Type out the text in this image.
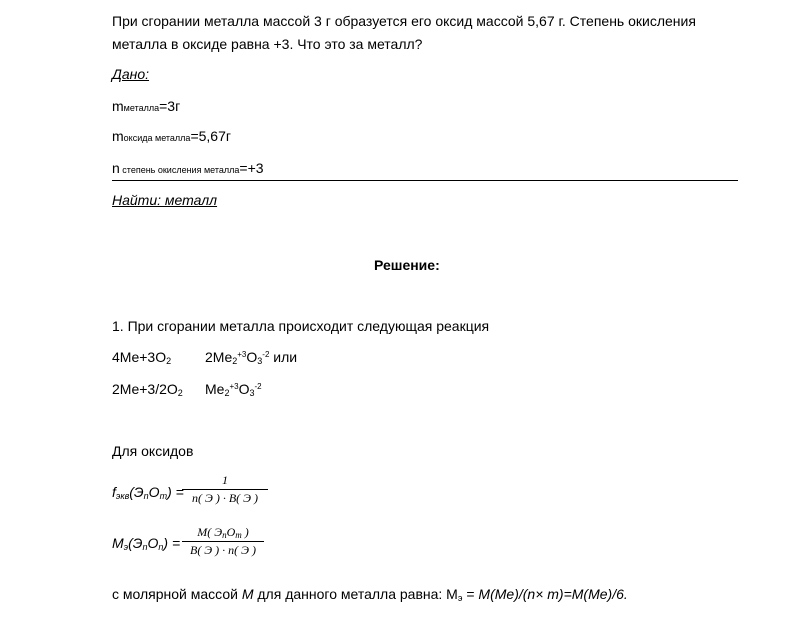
При сгорании металла массой 3 г образуется его оксид массой 5,67 г. Степень окисления металла в оксиде равна +3. Что это за металл?
Дано:
mметалла=3г
mоксида металла=5,67г
n степень окисления металла=+3
Найти: металл
Решение:
1. При сгорании металла происходит следующая реакция
$4Me+3O_2$ $2Me_2^{+3}O_3^{-2}$ или
$2Me+3/2O_2$ $Me_2^{+3}O_3^{-2}$
Для оксидов
$f_{экв}(Э_nO_m)$ =
1
n( Э ) · B( Э )
$M_э(Э_nO_n)$ =
M( $Э_nO_m$ )
B( Э ) · n( Э )
с молярной массой M для данного металла равна: $M_э = M(Me)/(n\times m)=M(Me)/6$.
